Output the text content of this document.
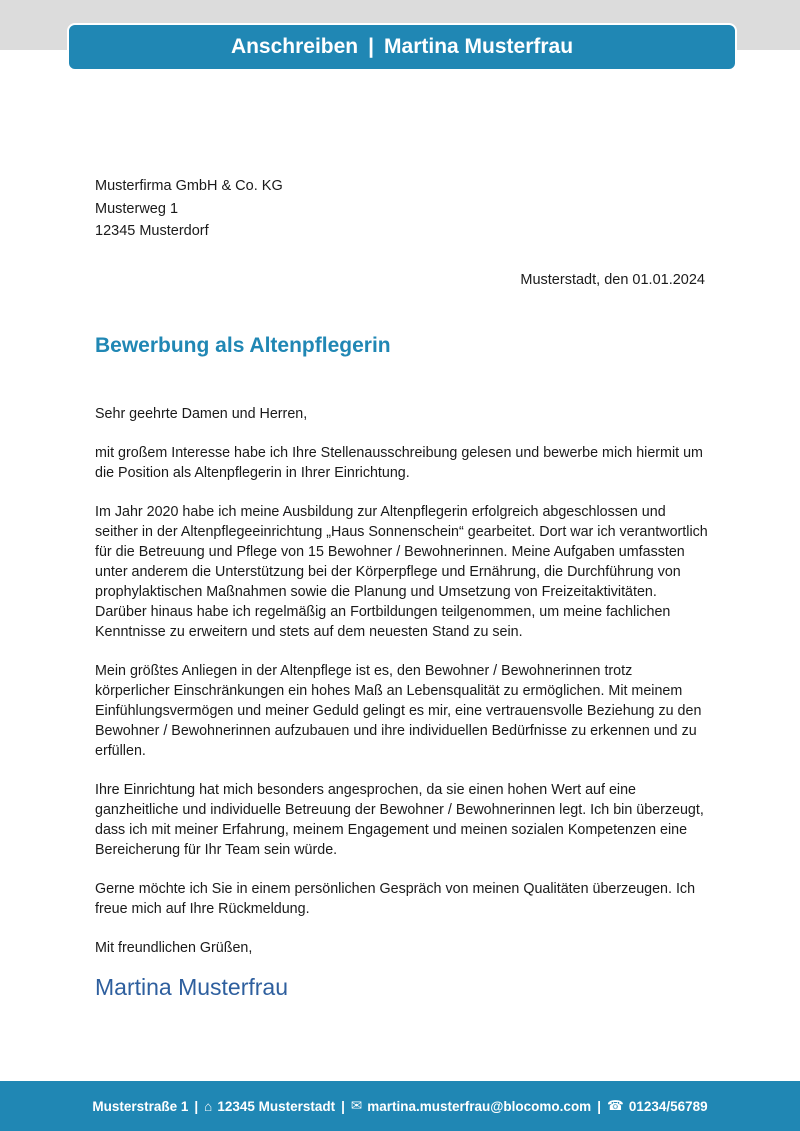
Anschreiben | Martina Musterfrau
Musterfirma GmbH & Co. KG
Musterweg 1
12345 Musterdorf
Musterstadt, den 01.01.2024
Bewerbung als Altenpflegerin

Sehr geehrte Damen und Herren,

mit großem Interesse habe ich Ihre Stellenausschreibung gelesen und bewerbe mich hiermit um die Position als Altenpflegerin in Ihrer Einrichtung.

Im Jahr 2020 habe ich meine Ausbildung zur Altenpflegerin erfolgreich abgeschlossen und seither in der Altenpflegeeinrichtung „Haus Sonnenschein“ gearbeitet. Dort war ich verantwortlich für die Betreuung und Pflege von 15 Bewohner / Bewohnerinnen. Meine Aufgaben umfassten unter anderem die Unterstützung bei der Körperpflege und Ernährung, die Durchführung von prophylaktischen Maßnahmen sowie die Planung und Umsetzung von Freizeitaktivitäten. Darüber hinaus habe ich regelmäßig an Fortbildungen teilgenommen, um meine fachlichen Kenntnisse zu erweitern und stets auf dem neuesten Stand zu sein.

Mein größtes Anliegen in der Altenpflege ist es, den Bewohner / Bewohnerinnen trotz körperlicher Einschränkungen ein hohes Maß an Lebensqualität zu ermöglichen. Mit meinem Einfühlungsvermögen und meiner Geduld gelingt es mir, eine vertrauensvolle Beziehung zu den Bewohner / Bewohnerinnen aufzubauen und ihre individuellen Bedürfnisse zu erkennen und zu erfüllen.

Ihre Einrichtung hat mich besonders angesprochen, da sie einen hohen Wert auf eine ganzheitliche und individuelle Betreuung der Bewohner / Bewohnerinnen legt. Ich bin überzeugt, dass ich mit meiner Erfahrung, meinem Engagement und meinen sozialen Kompetenzen eine Bereicherung für Ihr Team sein würde.

Gerne möchte ich Sie in einem persönlichen Gespräch von meinen Qualitäten überzeugen. Ich freue mich auf Ihre Rückmeldung.

Mit freundlichen Grüßen,

Martina Musterfrau
Musterstraße 1 | ⌂ 12345 Musterstadt | ✉ martina.musterfrau@blocomo.com | ☎ 01234/56789
